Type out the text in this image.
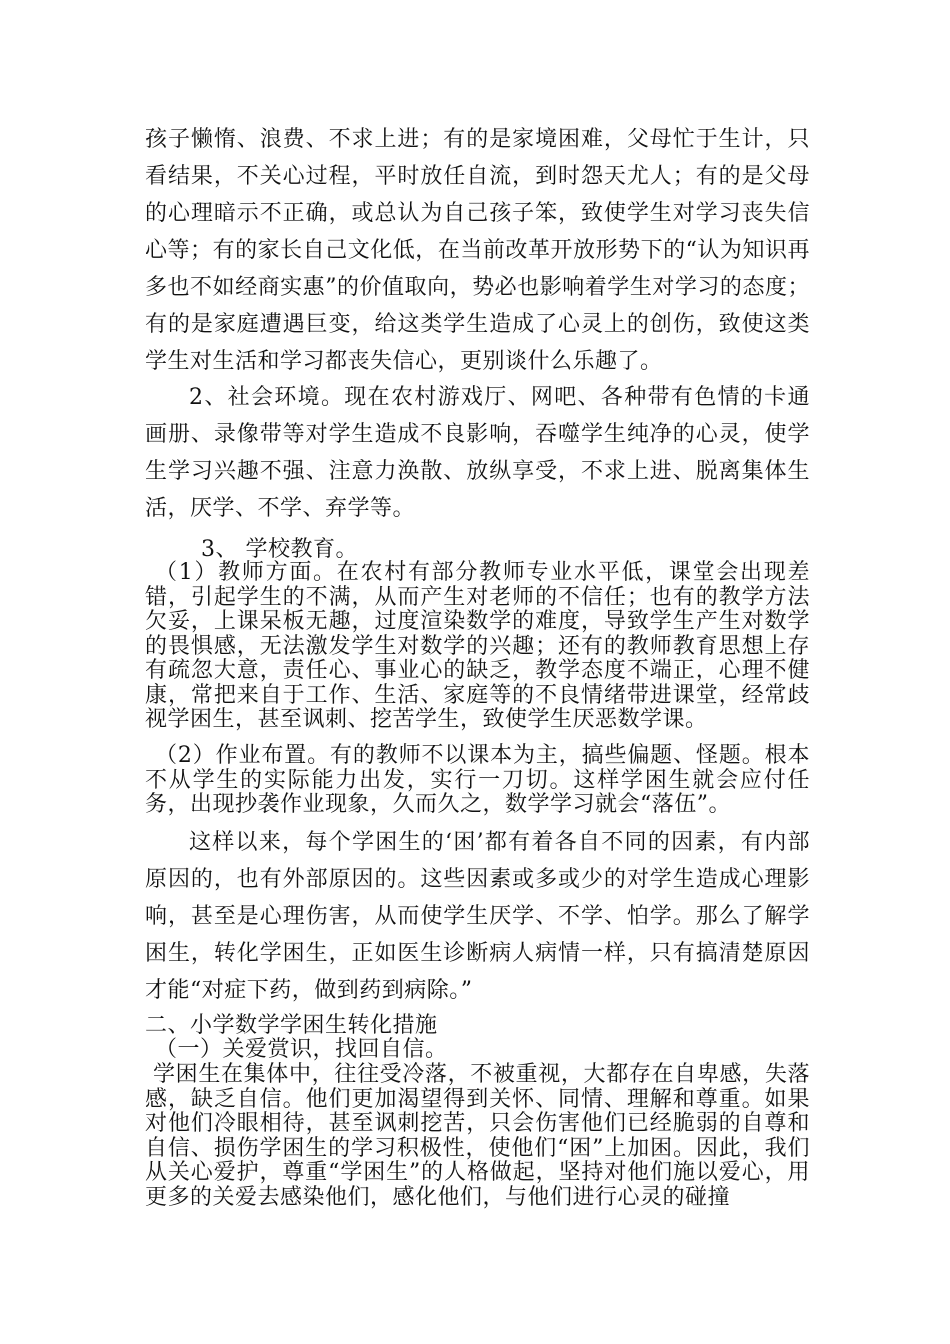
孩子懒惰、浪费、不求上进；有的是家境困难，父母忙于生计，只看结果，不关心过程，平时放任自流，到时怨天尤人；有的是父母的心理暗示不正确，或总认为自己孩子笨，致使学生对学习丧失信心等；有的家长自己文化低，在当前改革开放形势下的“认为知识再多也不如经商实惠”的价值取向，势必也影响着学生对学习的态度；有的是家庭遭遇巨变，给这类学生造成了心灵上的创伤，致使这类学生对生活和学习都丧失信心，更别谈什么乐趣了。

2、社会环境。现在农村游戏厅、网吧、各种带有色情的卡通画册、录像带等对学生造成不良影响，吞噬学生纯净的心灵，使学生学习兴趣不强、注意力涣散、放纵享受，不求上进、脱离集体生活，厌学、不学、弃学等。

3、 学校教育。

（1）教师方面。在农村有部分教师专业水平低，课堂会出现差错，引起学生的不满，从而产生对老师的不信任；也有的教学方法欠妥，上课呆板无趣，过度渲染数学的难度，导致学生产生对数学的畏惧感，无法激发学生对数学的兴趣；还有的教师教育思想上存有疏忽大意，责任心、事业心的缺乏，教学态度不端正，心理不健康，常把来自于工作、生活、家庭等的不良情绪带进课堂，经常歧视学困生，甚至讽刺、挖苦学生，致使学生厌恶数学课。

（2）作业布置。有的教师不以课本为主，搞些偏题、怪题。根本不从学生的实际能力出发，实行一刀切。这样学困生就会应付任务，出现抄袭作业现象，久而久之，数学学习就会“落伍”。

这样以来，每个学困生的‘困’都有着各自不同的因素，有内部原因的，也有外部原因的。这些因素或多或少的对学生造成心理影响，甚至是心理伤害，从而使学生厌学、不学、怕学。那么了解学困生，转化学困生，正如医生诊断病人病情一样，只有搞清楚原因才能“对症下药，做到药到病除。”

二、小学数学学困生转化措施

（一）关爱赏识，找回自信。

学困生在集体中，往往受冷落，不被重视，大都存在自卑感，失落感，缺乏自信。他们更加渴望得到关怀、同情、理解和尊重。如果对他们冷眼相待，甚至讽刺挖苦，只会伤害他们已经脆弱的自尊和自信、损伤学困生的学习积极性，使他们“困”上加困。因此，我们从关心爱护，尊重“学困生”的人格做起，坚持对他们施以爱心，用更多的关爱去感染他们，感化他们，与他们进行心灵的碰撞
